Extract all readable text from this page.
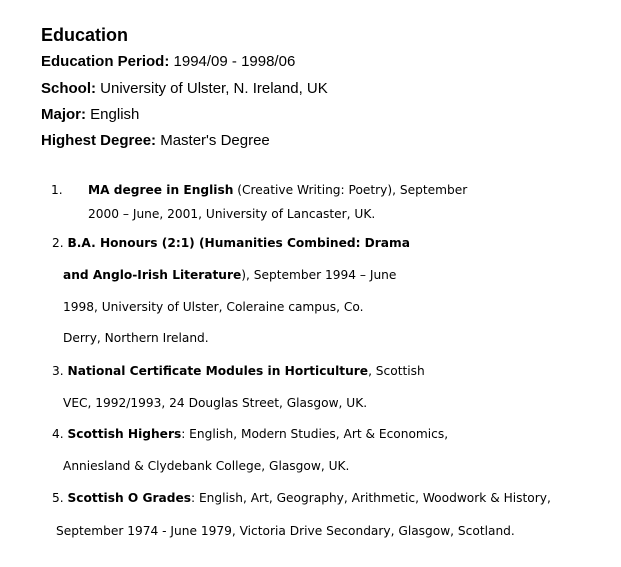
Education
Education Period: 1994/09 - 1998/06
School: University of Ulster, N. Ireland, UK
Major: English
Highest Degree: Master's Degree
1. MA degree in English (Creative Writing: Poetry), September
2000 – June, 2001, University of Lancaster, UK.
2. B.A. Honours (2:1) (Humanities Combined: Drama
and Anglo-Irish Literature), September 1994 – June
1998, University of Ulster, Coleraine campus, Co.
Derry, Northern Ireland.
3. National Certificate Modules in Horticulture, Scottish
VEC, 1992/1993, 24 Douglas Street, Glasgow, UK.
4. Scottish Highers: English, Modern Studies, Art & Economics,
Anniesland & Clydebank College, Glasgow, UK.
5. Scottish O Grades: English, Art, Geography, Arithmetic, Woodwork & History,
September 1974 - June 1979, Victoria Drive Secondary, Glasgow, Scotland.
